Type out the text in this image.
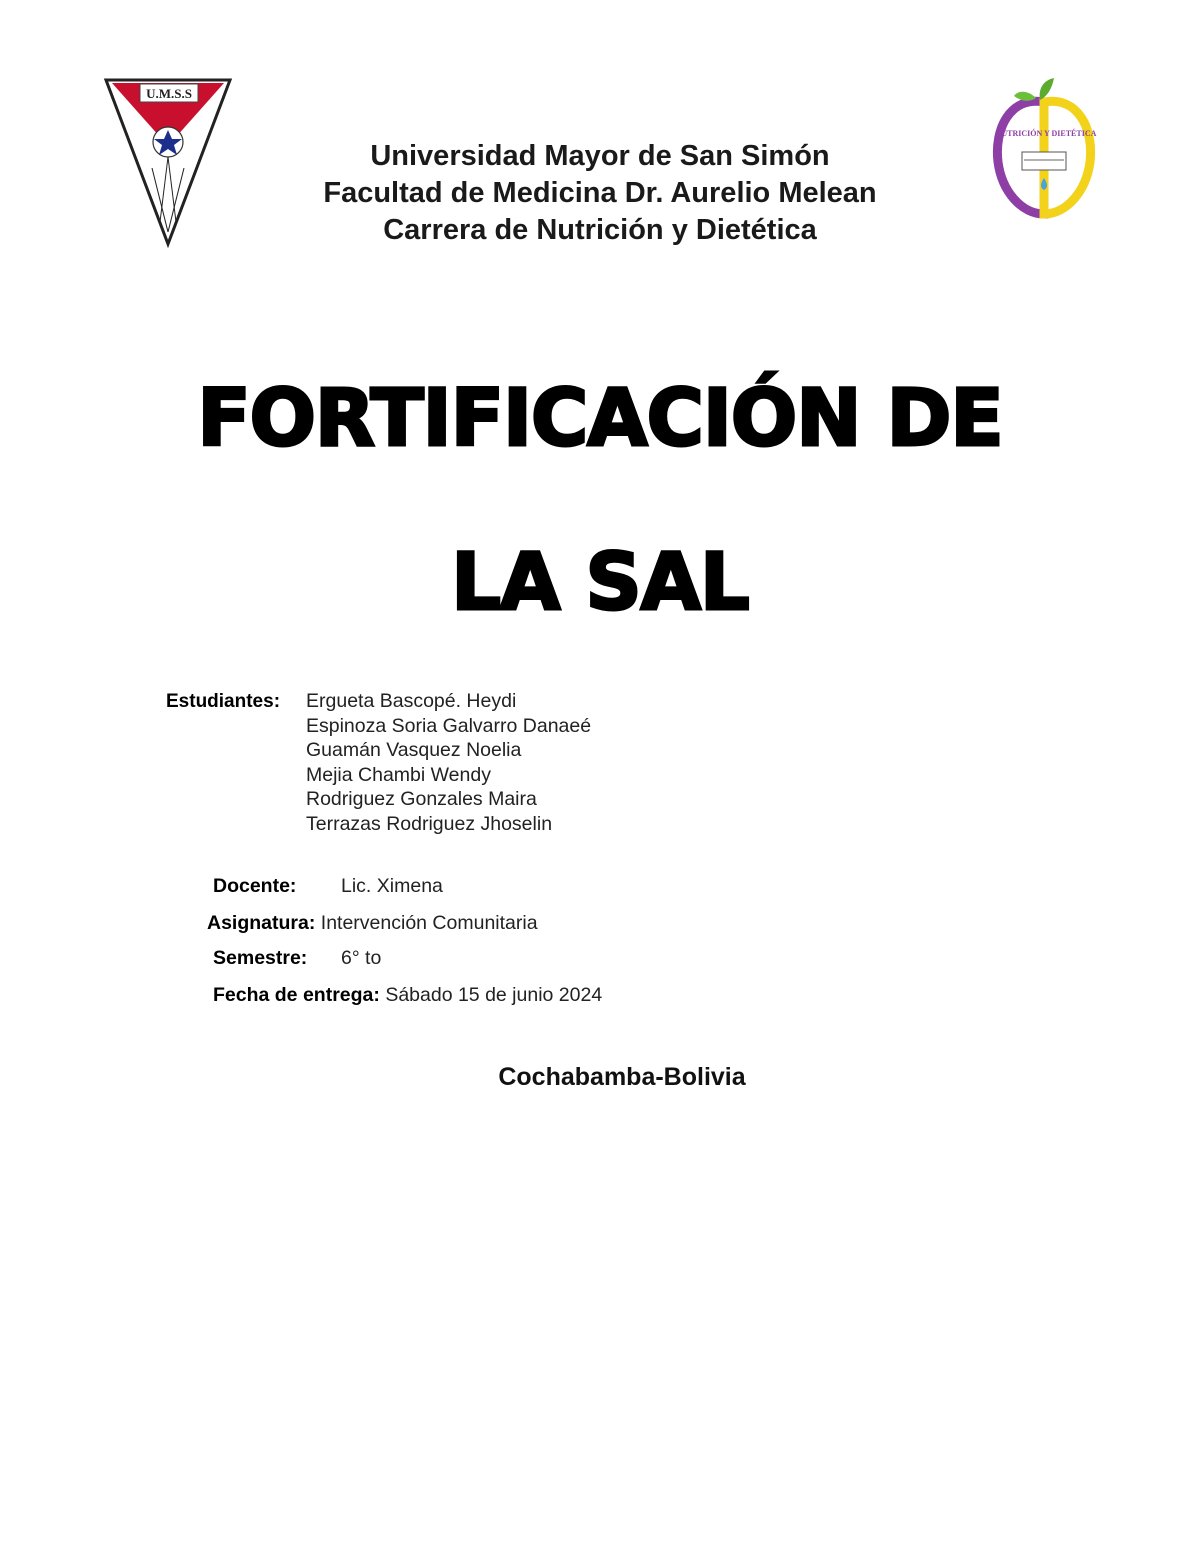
U.M.S.S
NUTRICIÓN Y DIETÉTICA
Universidad Mayor de San Simón
Facultad de Medicina Dr. Aurelio Melean
Carrera de Nutrición y Dietética
FORTIFICACIÓN DE
LA SAL
Estudiantes: Ergueta Bascopé. Heydi
Espinoza Soria Galvarro Danaeé
Guamán Vasquez Noelia
Mejia Chambi Wendy
Rodriguez Gonzales Maira
Terrazas Rodriguez Jhoselin
Docente: Lic. Ximena
Asignatura: Intervención Comunitaria
Semestre: 6° to
Fecha de entrega: Sábado 15 de junio 2024
Cochabamba-Bolivia
